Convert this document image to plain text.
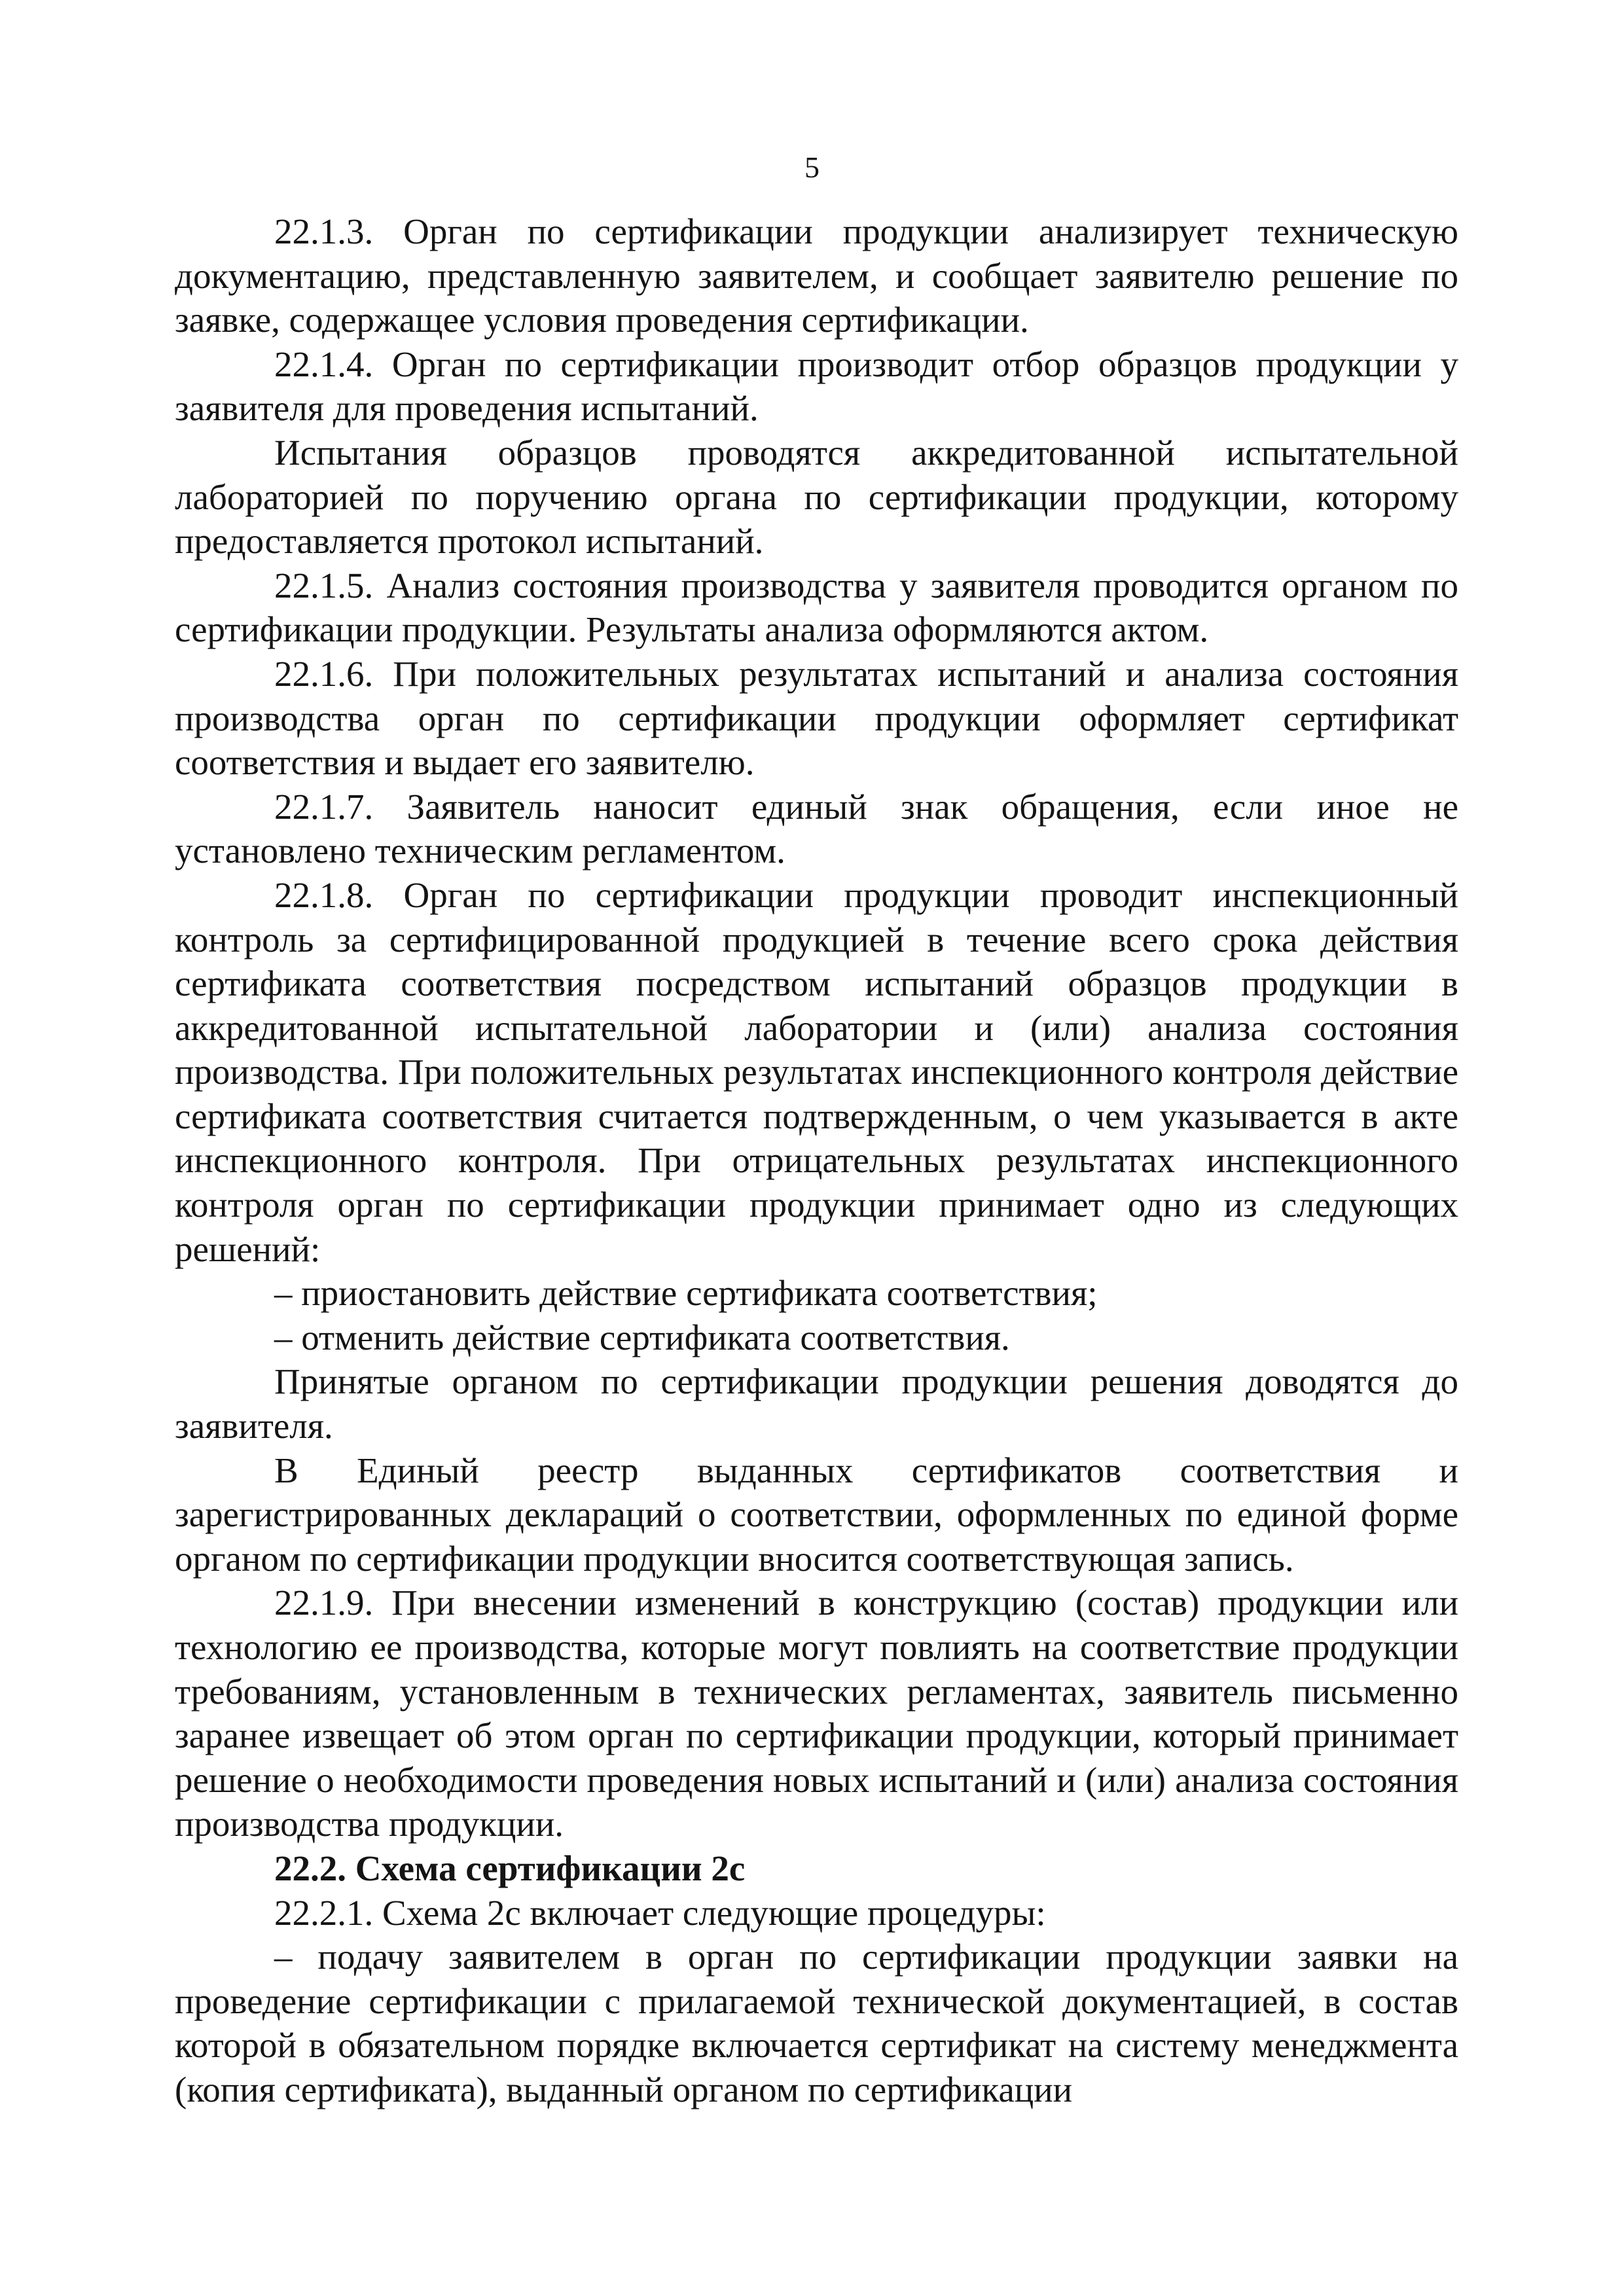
5

22.1.3. Орган по сертификации продукции анализирует техническую документацию, представленную заявителем, и сообщает заявителю решение по заявке, содержащее условия проведения сертификации.

22.1.4. Орган по сертификации производит отбор образцов продукции у заявителя для проведения испытаний.

Испытания образцов проводятся аккредитованной испытательной лабораторией по поручению органа по сертификации продукции, которому предоставляется протокол испытаний.

22.1.5. Анализ состояния производства у заявителя проводится органом по сертификации продукции. Результаты анализа оформляются актом.

22.1.6. При положительных результатах испытаний и анализа состояния производства орган по сертификации продукции оформляет сертификат соответствия и выдает его заявителю.

22.1.7. Заявитель наносит единый знак обращения, если иное не установлено техническим регламентом.

22.1.8. Орган по сертификации продукции проводит инспекционный контроль за сертифицированной продукцией в течение всего срока действия сертификата соответствия посредством испытаний образцов продукции в аккредитованной испытательной лаборатории и (или) анализа состояния производства. При положительных результатах инспекционного контроля действие сертификата соответствия считается подтвержденным, о чем указывается в акте инспекционного контроля. При отрицательных результатах инспекционного контроля орган по сертификации продукции принимает одно из следующих решений:

– приостановить действие сертификата соответствия;

– отменить действие сертификата соответствия.

Принятые органом по сертификации продукции решения доводятся до заявителя.

В Единый реестр выданных сертификатов соответствия и зарегистрированных деклараций о соответствии, оформленных по единой форме органом по сертификации продукции вносится соответствующая запись.

22.1.9. При внесении изменений в конструкцию (состав) продукции или технологию ее производства, которые могут повлиять на соответствие продукции требованиям, установленным в технических регламентах, заявитель письменно заранее извещает об этом орган по сертификации продукции, который принимает решение о необходимости проведения новых испытаний и (или) анализа состояния производства продукции.

22.2. Схема сертификации 2с

22.2.1. Схема 2с включает следующие процедуры:

– подачу заявителем в орган по сертификации продукции заявки на проведение сертификации с прилагаемой технической документацией, в состав которой в обязательном порядке включается сертификат на систему менеджмента (копия сертификата), выданный органом по сертификации
